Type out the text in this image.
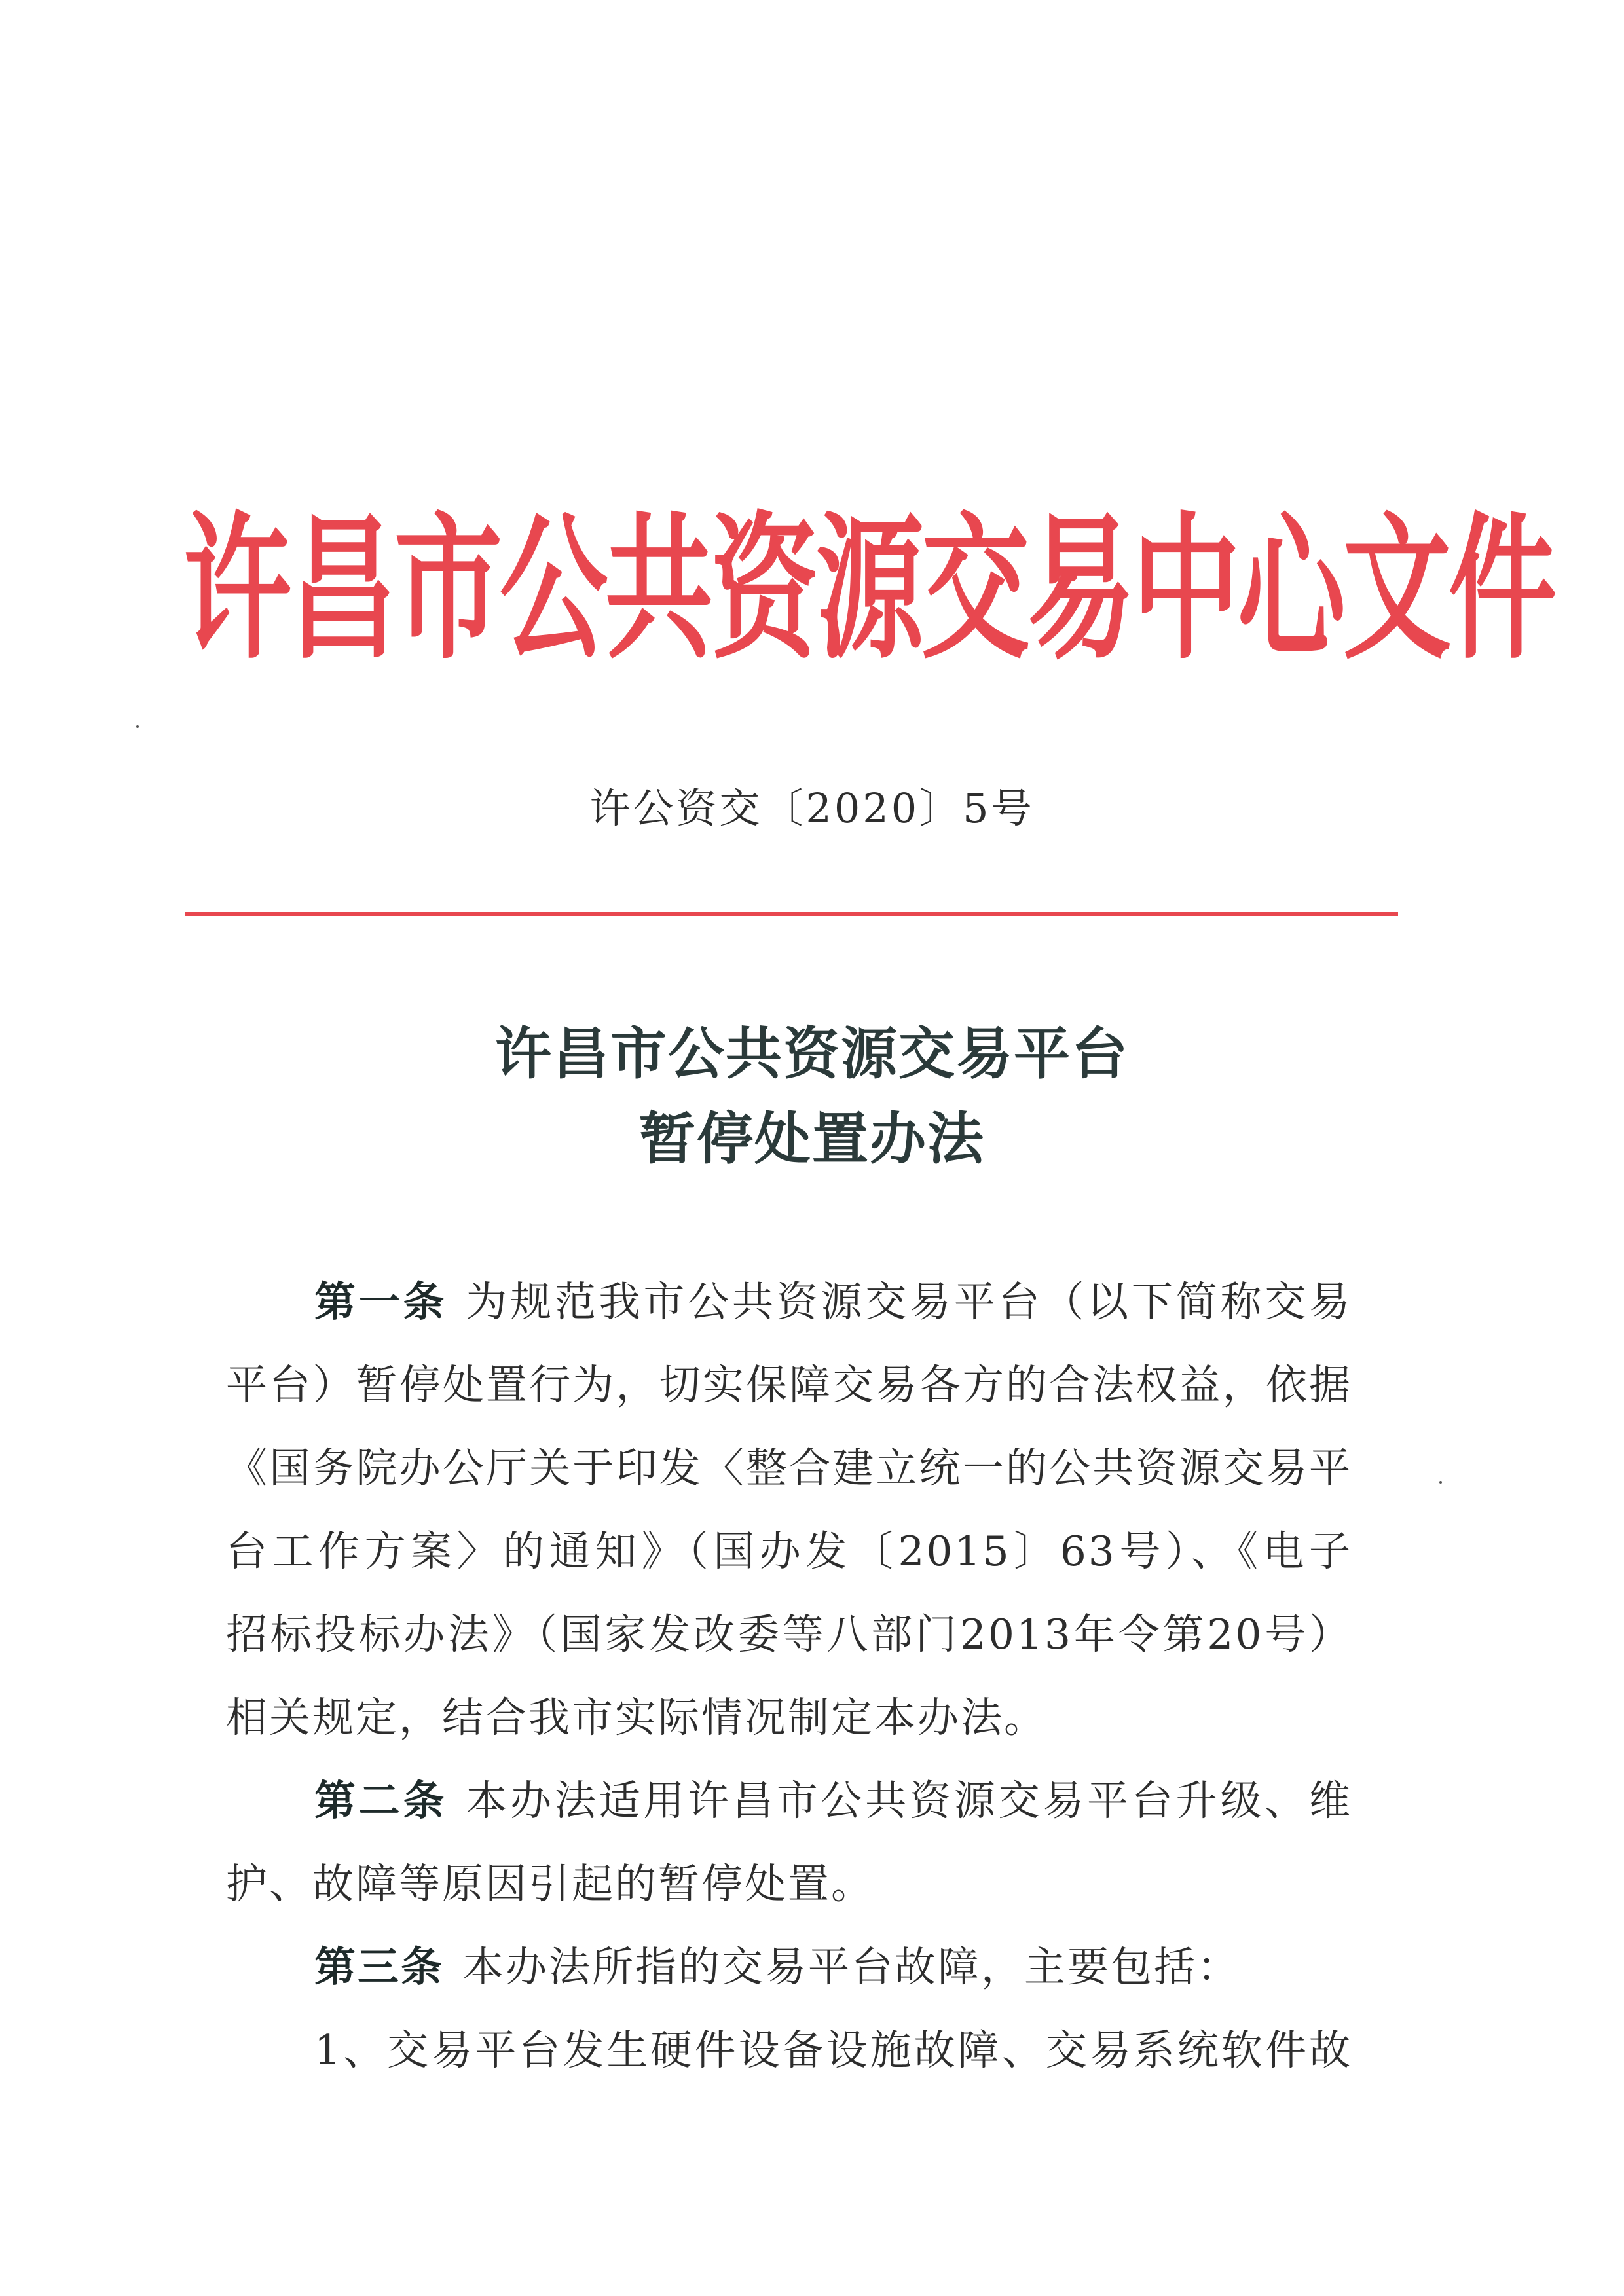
许昌市公共资源交易中心文件
许公资交〔2020〕5号
许昌市公共资源交易平台
暂停处置办法
第一条 为规范我市公共资源交易平台（以下简称交易
平台）暂停处置行为，切实保障交易各方的合法权益，依据
《国务院办公厅关于印发〈整合建立统一的公共资源交易平
台工作方案〉的通知》（国办发〔2015〕63号）、《电子
招标投标办法》（国家发改委等八部门2013年令第20号）
相关规定，结合我市实际情况制定本办法。
第二条 本办法适用许昌市公共资源交易平台升级、维
护、故障等原因引起的暂停处置。
第三条 本办法所指的交易平台故障，主要包括：
1、交易平台发生硬件设备设施故障、交易系统软件故
